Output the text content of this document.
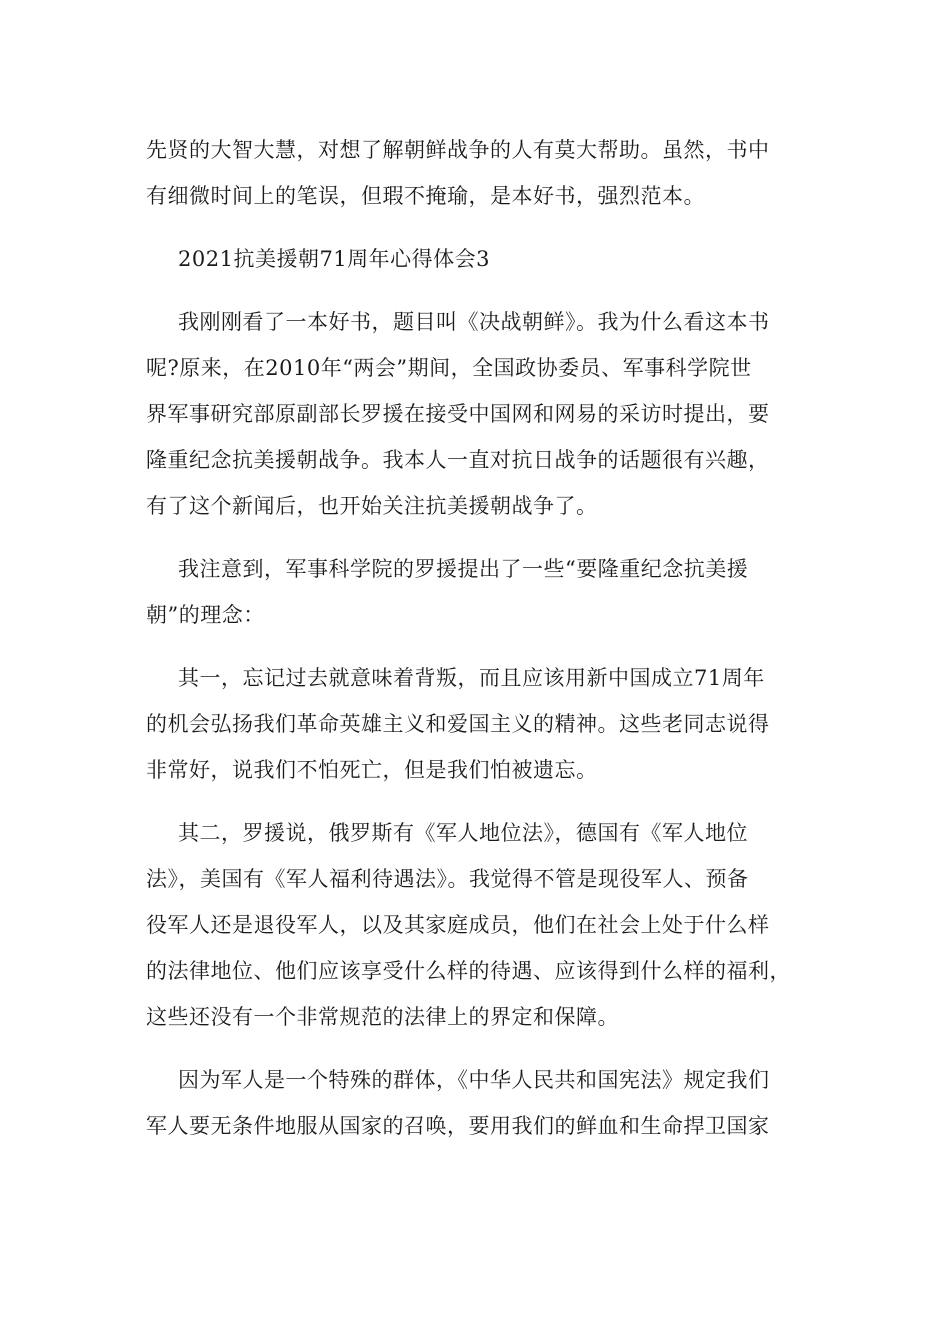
先贤的大智大慧，对想了解朝鲜战争的人有莫大帮助。虽然，书中
有细微时间上的笔误，但瑕不掩瑜，是本好书，强烈范本。
2021抗美援朝71周年心得体会3
我刚刚看了一本好书，题目叫《决战朝鲜》。我为什么看这本书
呢?原来，在2010年“两会”期间，全国政协委员、军事科学院世
界军事研究部原副部长罗援在接受中国网和网易的采访时提出，要
隆重纪念抗美援朝战争。我本人一直对抗日战争的话题很有兴趣，
有了这个新闻后，也开始关注抗美援朝战争了。
我注意到，军事科学院的罗援提出了一些“要隆重纪念抗美援
朝”的理念：
其一，忘记过去就意味着背叛，而且应该用新中国成立71周年
的机会弘扬我们革命英雄主义和爱国主义的精神。这些老同志说得
非常好，说我们不怕死亡，但是我们怕被遗忘。
其二，罗援说，俄罗斯有《军人地位法》，德国有《军人地位
法》，美国有《军人福利待遇法》。我觉得不管是现役军人、预备
役军人还是退役军人，以及其家庭成员，他们在社会上处于什么样
的法律地位、他们应该享受什么样的待遇、应该得到什么样的福利，
这些还没有一个非常规范的法律上的界定和保障。
因为军人是一个特殊的群体，《中华人民共和国宪法》规定我们
军人要无条件地服从国家的召唤，要用我们的鲜血和生命捍卫国家
